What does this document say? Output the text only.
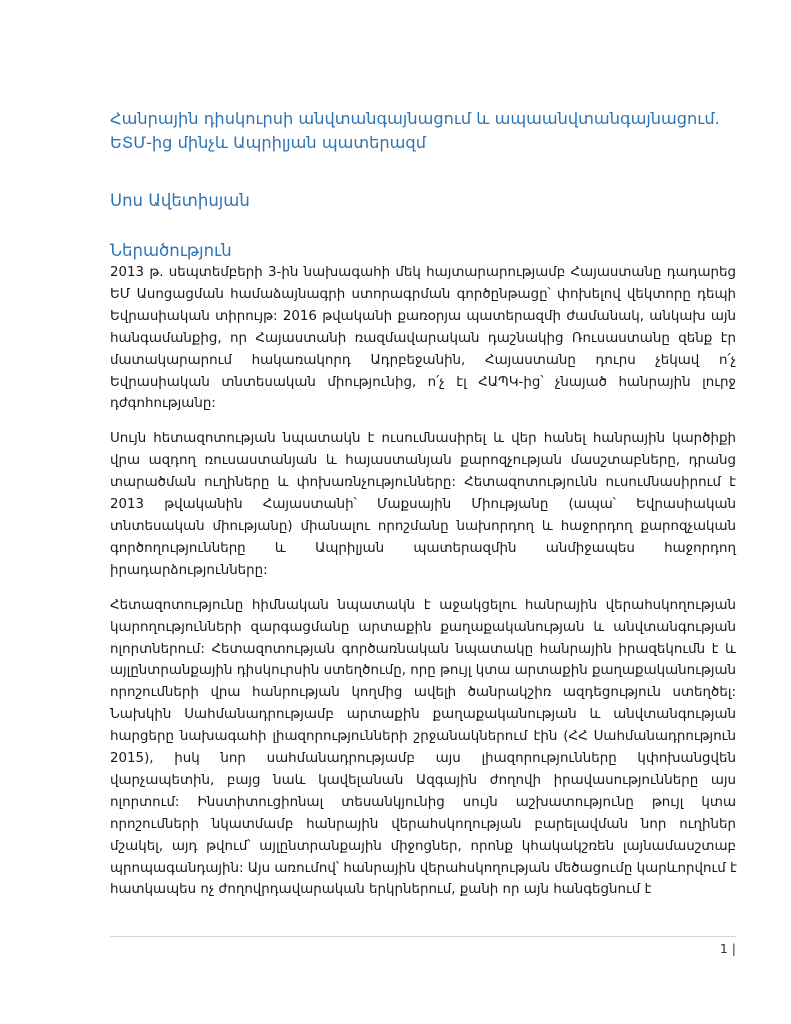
Հանրային դիսկուրսի անվտանգայնացում և ապաանվտանգայնացում.
ԵՏՄ-ից մինչև Ապրիլյան պատերազմ
Սոս Ավետիսյան
Ներածություն
2013 թ. սեպտեմբերի 3-ին նախագահի մեկ հայտարարությամբ Հայաստանը դադարեց
ԵՄ Ասոցացման համաձայնագրի ստորագրման գործընթացը՝ փոխելով վեկտորը դեպի
Եվրասիական տիրույթ: 2016 թվականի քառօրյա պատերազմի ժամանակ, անկախ այն
հանգամանքից, որ Հայաստանի ռազմավարական դաշնակից Ռուսաստանը զենք էր
մատակարարում հակառակորդ Ադրբեջանին, Հայաստանը դուրս չեկավ ո՛չ
Եվրասիական տնտեսական միությունից, ո՛չ էլ ՀԱՊԿ-ից՝ չնայած հանրային լուրջ
դժգոհությանը:
Սույն հետազոտության նպատակն է ուսումնասիրել և վեր հանել հանրային կարծիքի
վրա ազդող ռուսաստանյան և հայաստանյան քարոզչության մասշտաբները, դրանց
տարածման ուղիները և փոխառնչությունները: Հետազոտությունն ուսումնասիրում է
2013 թվականին Հայաստանի՝ Մաքսային Միությանը (ապա՝ Եվրասիական
տնտեսական միությանը) միանալու որոշմանը նախորդող և հաջորդող քարոզչական
գործողությունները և Ապրիլյան պատերազմին անմիջապես հաջորդող
իրադարձությունները:
Հետազոտությունը հիմնական նպատակն է աջակցելու հանրային վերահսկողության
կարողությունների զարգացմանը արտաքին քաղաքականության և անվտանգության
ոլորտներում: Հետազոտության գործառնական նպատակը հանրային իրազեկումն է և
այլընտրանքային դիսկուրսին ստեղծումը, որը թույլ կտա արտաքին քաղաքականության
որոշումների վրա հանրության կողմից ավելի ծանրակշիռ ազդեցություն ստեղծել:
Նախկին Սահմանադրությամբ արտաքին քաղաքականության և անվտանգության
հարցերը նախագահի լիազորությունների շրջանակներում էին (ՀՀ Սահմանադրություն
2015), իսկ նոր սահմանադրությամբ այս լիազորությունները կփոխանցվեն
վարչապետին, բայց նաև կավելանան Ազգային ժողովի իրավասությունները այս
ոլորտում: Ինստիտուցիոնալ տեսանկյունից սույն աշխատությունը թույլ կտա
որոշումների նկատմամբ հանրային վերահսկողության բարելավման նոր ուղիներ
մշակել, այդ թվում՝ այլընտրանքային միջոցներ, որոնք կհակակշռեն լայնամասշտաբ
պրոպագանդային: Այս առումով՝ հանրային վերահսկողության մեծացումը կարևորվում է
հատկապես ոչ ժողովրդավարական երկրներում, քանի որ այն հանգեցնում է
1 |
